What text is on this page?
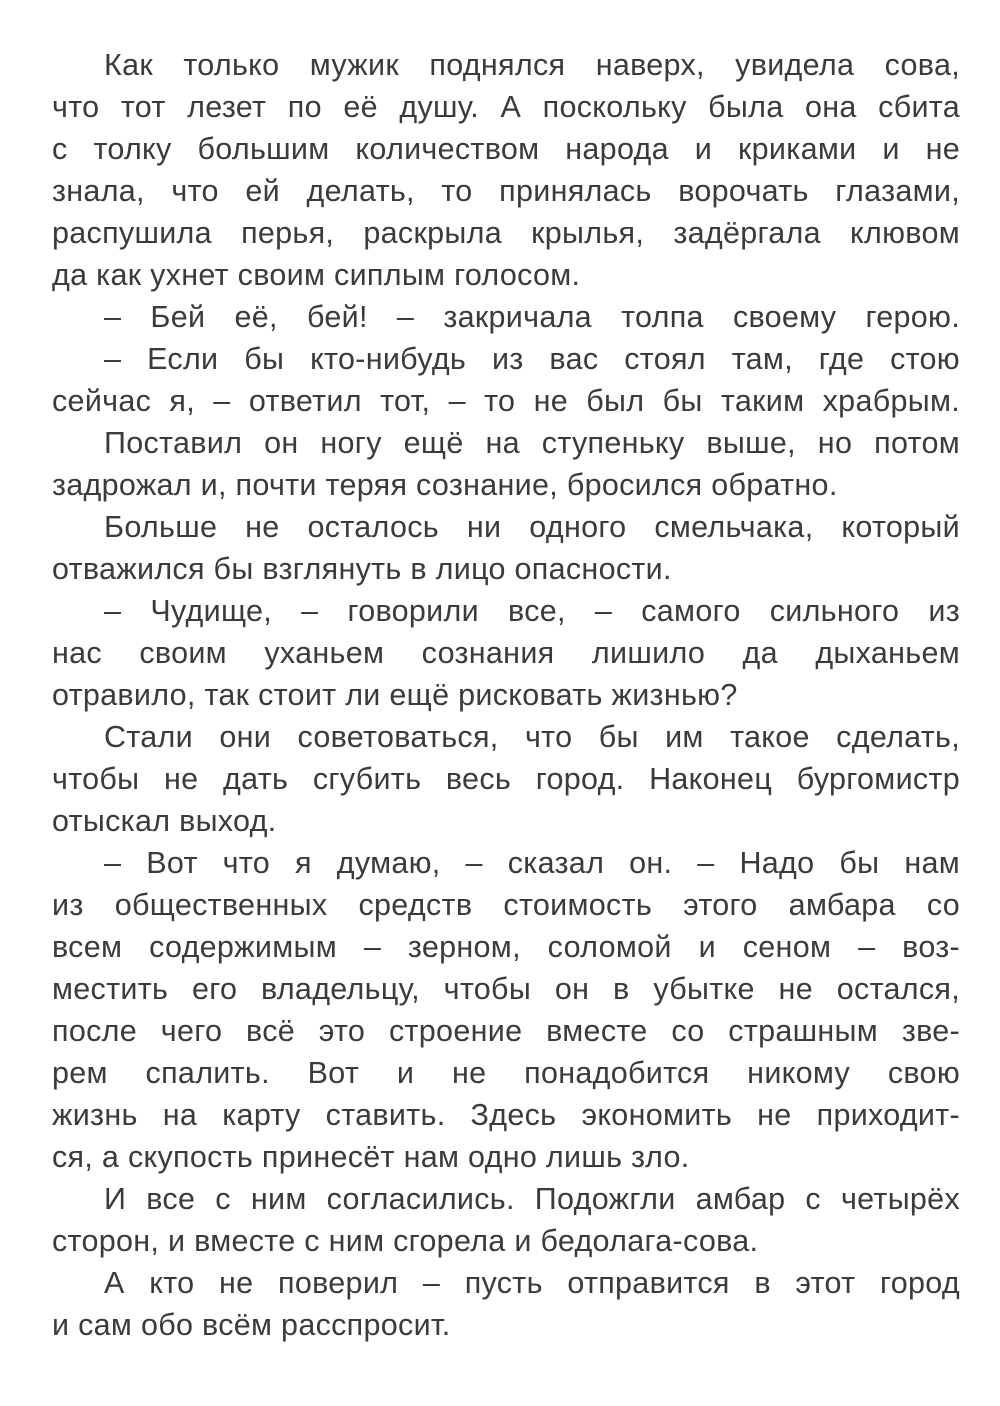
Как только мужик поднялся наверх, увидела сова,
что тот лезет по её душу. А поскольку была она сбита
с толку большим количеством народа и криками и не
знала, что ей делать, то принялась ворочать глазами,
распушила перья, раскрыла крылья, задёргала клювом
да как ухнет своим сиплым голосом.
– Бей её, бей! – закричала толпа своему герою.
– Если бы кто-нибудь из вас стоял там, где стою
сейчас я, – ответил тот, – то не был бы таким храбрым.
Поставил он ногу ещё на ступеньку выше, но потом
задрожал и, почти теряя сознание, бросился обратно.
Больше не осталось ни одного смельчака, который
отважился бы взглянуть в лицо опасности.
– Чудище, – говорили все, – самого сильного из
нас своим уханьем сознания лишило да дыханьем
отравило, так стоит ли ещё рисковать жизнью?
Стали они советоваться, что бы им такое сделать,
чтобы не дать сгубить весь город. Наконец бургомистр
отыскал выход.
– Вот что я думаю, – сказал он. – Надо бы нам
из общественных средств стоимость этого амбара со
всем содержимым – зерном, соломой и сеном – воз-
местить его владельцу, чтобы он в убытке не остался,
после чего всё это строение вместе со страшным зве-
рем спалить. Вот и не понадобится никому свою
жизнь на карту ставить. Здесь экономить не приходит-
ся, а скупость принесёт нам одно лишь зло.
И все с ним согласились. Подожгли амбар с четырёх
сторон, и вместе с ним сгорела и бедолага-сова.
А кто не поверил – пусть отправится в этот город
и сам обо всём расспросит.
